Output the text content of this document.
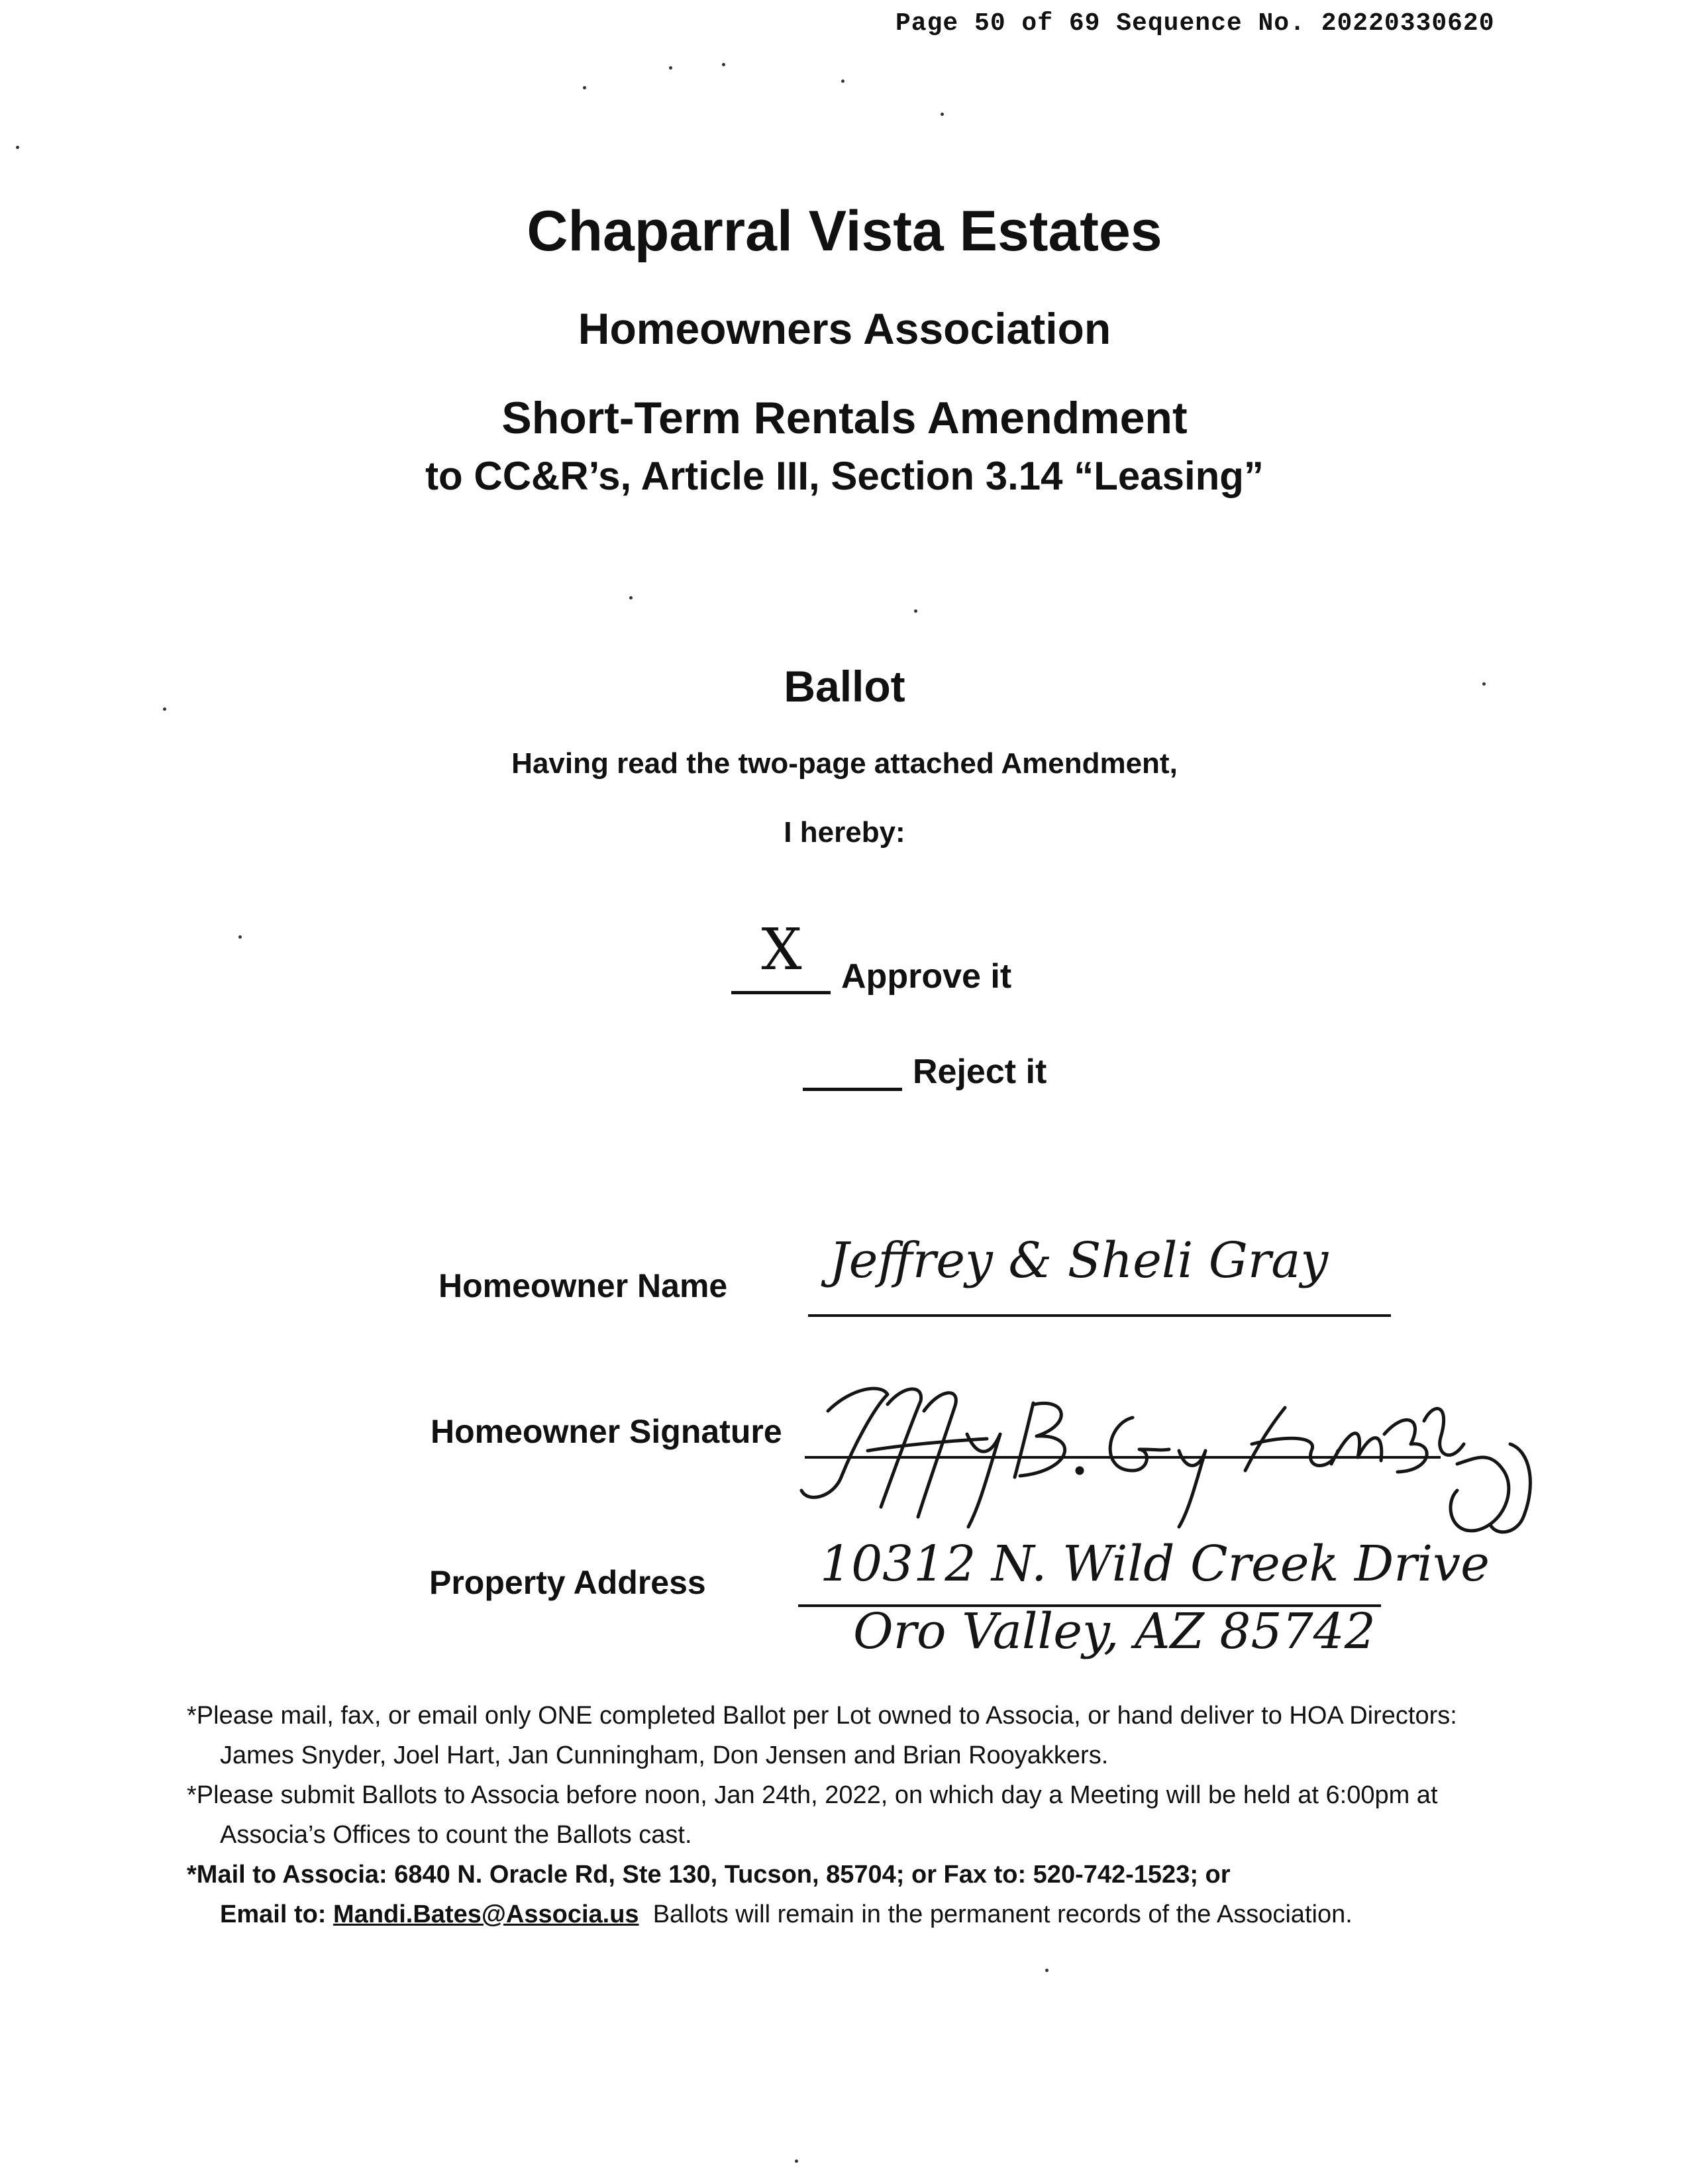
Page 50 of 69 Sequence No. 20220330620
Chaparral Vista Estates
Homeowners Association
Short-Term Rentals Amendment
to CC&R’s, Article III, Section 3.14 “Leasing”
Ballot
Having read the two-page attached Amendment,
I hereby:
X	Approve it
Reject it
Homeowner Name Jeffrey & Sheli Gray
Homeowner Signature
Property Address 10312 N. Wild Creek Drive
Oro Valley, AZ 85742
*Please mail, fax, or email only ONE completed Ballot per Lot owned to Associa, or hand deliver to HOA Directors: James Snyder, Joel Hart, Jan Cunningham, Don Jensen and Brian Rooyakkers.
*Please submit Ballots to Associa before noon, Jan 24th, 2022, on which day a Meeting will be held at 6:00pm at Associa’s Offices to count the Ballots cast.
*Mail to Associa: 6840 N. Oracle Rd, Ste 130, Tucson, 85704; or Fax to: 520-742-1523; or
Email to: Mandi.Bates@Associa.us Ballots will remain in the permanent records of the Association.
